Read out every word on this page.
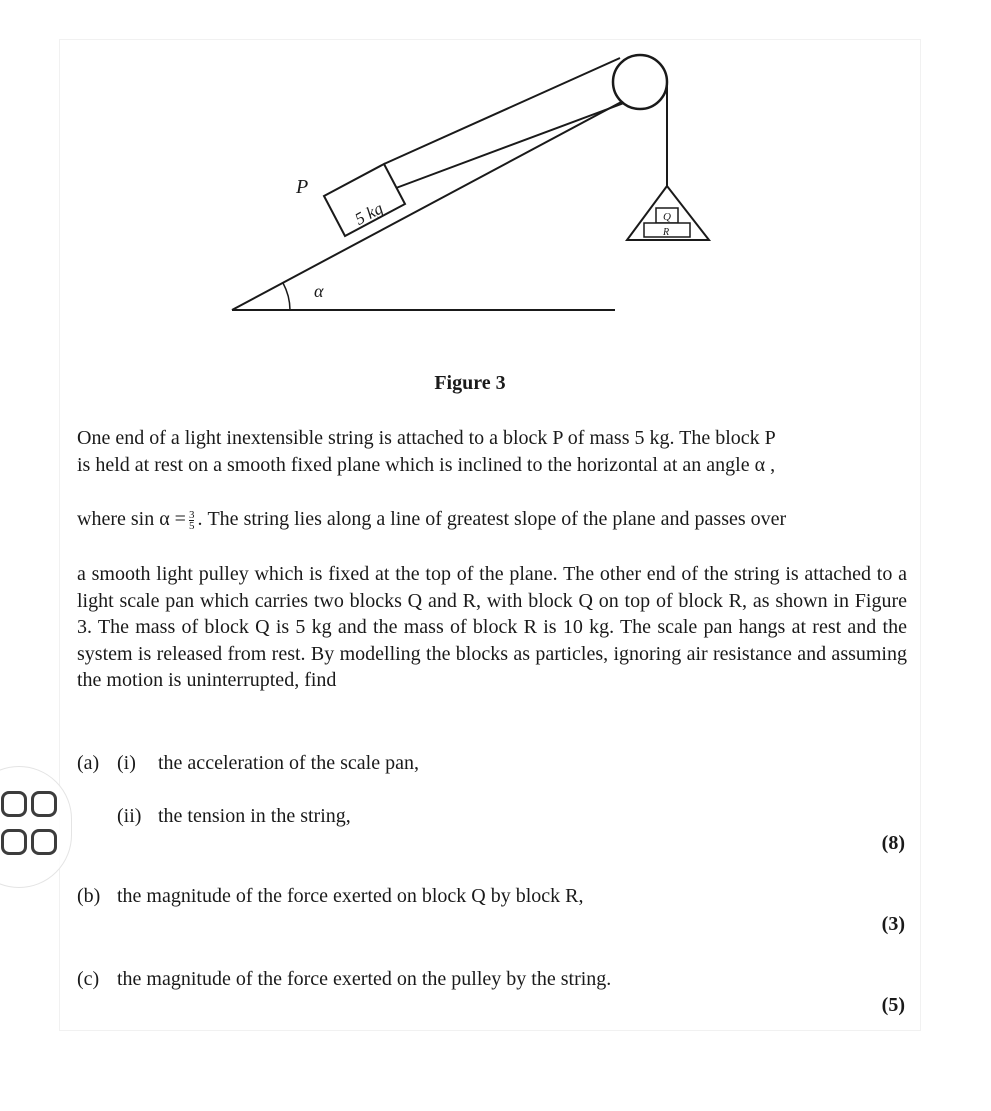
P
5 kg
α
Q
R
Figure 3

One end of a light inextensible string is attached to a block P of mass 5 kg. The block P
is held at rest on a smooth fixed plane which is inclined to the horizontal at an angle α ,

where $\sin \alpha = \frac{3}{5}$ . The string lies along a line of greatest slope of the plane and passes over

a smooth light pulley which is fixed at the top of the plane. The other end of the string is attached to a light scale pan which carries two blocks Q and R, with block Q on top of block R, as shown in Figure 3. The mass of block Q is 5 kg and the mass of block R is 10 kg. The scale pan hangs at rest and the system is released from rest. By modelling the blocks as particles, ignoring air resistance and assuming the motion is uninterrupted, find

(a) (i) the acceleration of the scale pan,
(ii) the tension in the string,
(8)
(b) the magnitude of the force exerted on block Q by block R,
(3)
(c) the magnitude of the force exerted on the pulley by the string.
(5)
